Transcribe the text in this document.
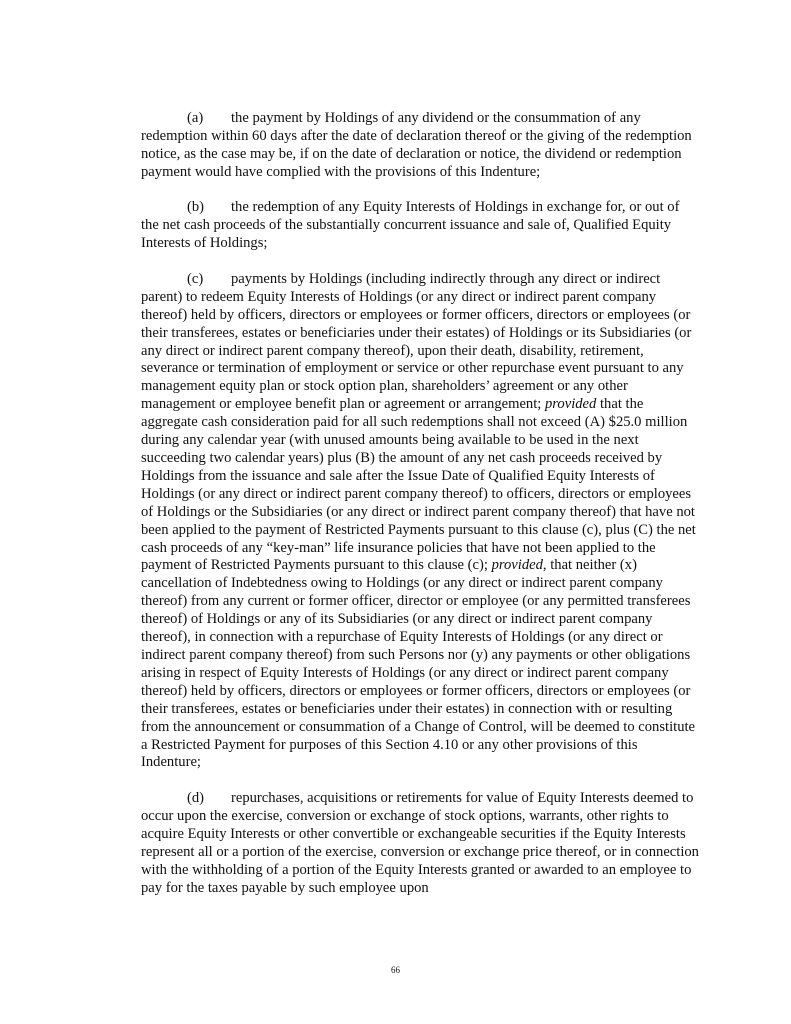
(a) the payment by Holdings of any dividend or the consummation of any redemption within 60 days after the date of declaration thereof or the giving of the redemption notice, as the case may be, if on the date of declaration or notice, the dividend or redemption payment would have complied with the provisions of this Indenture;

(b) the redemption of any Equity Interests of Holdings in exchange for, or out of the net cash proceeds of the substantially concurrent issuance and sale of, Qualified Equity Interests of Holdings;

(c) payments by Holdings (including indirectly through any direct or indirect parent) to redeem Equity Interests of Holdings (or any direct or indirect parent company thereof) held by officers, directors or employees or former officers, directors or employees (or their transferees, estates or beneficiaries under their estates) of Holdings or its Subsidiaries (or any direct or indirect parent company thereof), upon their death, disability, retirement, severance or termination of employment or service or other repurchase event pursuant to any management equity plan or stock option plan, shareholders’ agreement or any other management or employee benefit plan or agreement or arrangement; provided that the aggregate cash consideration paid for all such redemptions shall not exceed (A) $25.0 million during any calendar year (with unused amounts being available to be used in the next succeeding two calendar years) plus (B) the amount of any net cash proceeds received by Holdings from the issuance and sale after the Issue Date of Qualified Equity Interests of Holdings (or any direct or indirect parent company thereof) to officers, directors or employees of Holdings or the Subsidiaries (or any direct or indirect parent company thereof) that have not been applied to the payment of Restricted Payments pursuant to this clause (c), plus (C) the net cash proceeds of any “key-man” life insurance policies that have not been applied to the payment of Restricted Payments pursuant to this clause (c); provided, that neither (x) cancellation of Indebtedness owing to Holdings (or any direct or indirect parent company thereof) from any current or former officer, director or employee (or any permitted transferees thereof) of Holdings or any of its Subsidiaries (or any direct or indirect parent company thereof), in connection with a repurchase of Equity Interests of Holdings (or any direct or indirect parent company thereof) from such Persons nor (y) any payments or other obligations arising in respect of Equity Interests of Holdings (or any direct or indirect parent company thereof) held by officers, directors or employees or former officers, directors or employees (or their transferees, estates or beneficiaries under their estates) in connection with or resulting from the announcement or consummation of a Change of Control, will be deemed to constitute a Restricted Payment for purposes of this Section 4.10 or any other provisions of this Indenture;

(d) repurchases, acquisitions or retirements for value of Equity Interests deemed to occur upon the exercise, conversion or exchange of stock options, warrants, other rights to acquire Equity Interests or other convertible or exchangeable securities if the Equity Interests represent all or a portion of the exercise, conversion or exchange price thereof, or in connection with the withholding of a portion of the Equity Interests granted or awarded to an employee to pay for the taxes payable by such employee upon

66
